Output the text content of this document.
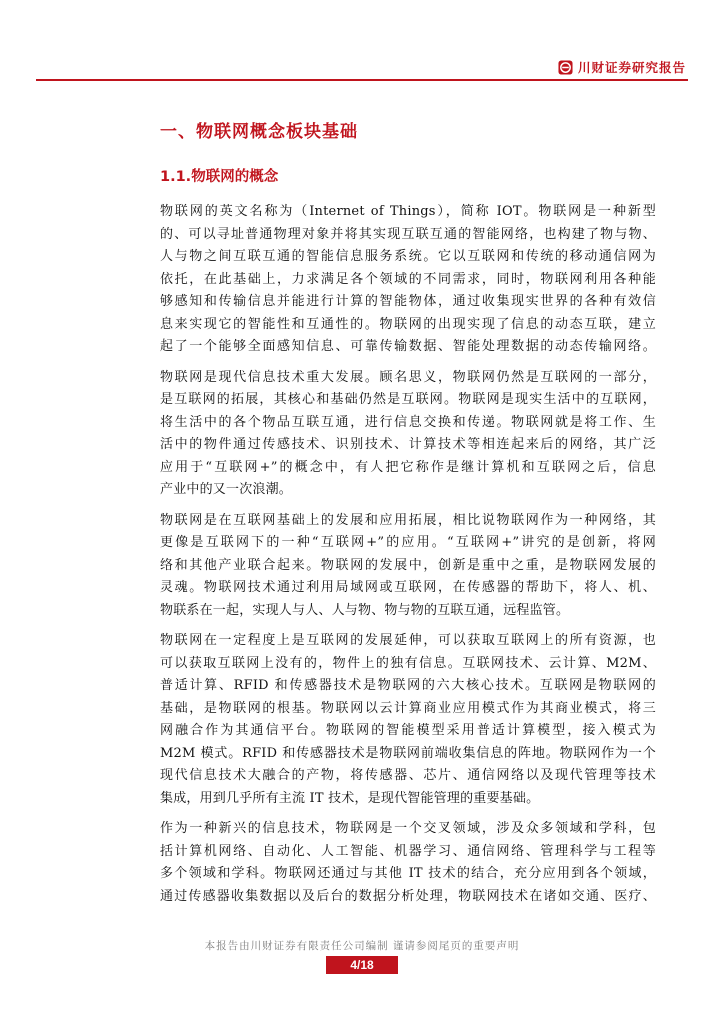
川财证券研究报告
一、物联网概念板块基础
1.1.物联网的概念
物联网的英文名称为（Internet of Things），简称 IOT。物联网是一种新型
的、可以寻址普通物理对象并将其实现互联互通的智能网络，也构建了物与物、
人与物之间互联互通的智能信息服务系统。它以互联网和传统的移动通信网为
依托，在此基础上，力求满足各个领域的不同需求，同时，物联网利用各种能
够感知和传输信息并能进行计算的智能物体，通过收集现实世界的各种有效信
息来实现它的智能性和互通性的。物联网的出现实现了信息的动态互联，建立
起了一个能够全面感知信息、可靠传输数据、智能处理数据的动态传输网络。
物联网是现代信息技术重大发展。顾名思义，物联网仍然是互联网的一部分，
是互联网的拓展，其核心和基础仍然是互联网。物联网是现实生活中的互联网，
将生活中的各个物品互联互通，进行信息交换和传递。物联网就是将工作、生
活中的物件通过传感技术、识别技术、计算技术等相连起来后的网络，其广泛
应用于“互联网+”的概念中，有人把它称作是继计算机和互联网之后，信息
产业中的又一次浪潮。
物联网是在互联网基础上的发展和应用拓展，相比说物联网作为一种网络，其
更像是互联网下的一种“互联网+”的应用。“互联网+”讲究的是创新，将网
络和其他产业联合起来。物联网的发展中，创新是重中之重，是物联网发展的
灵魂。物联网技术通过利用局域网或互联网，在传感器的帮助下，将人、机、
物联系在一起，实现人与人、人与物、物与物的互联互通，远程监管。
物联网在一定程度上是互联网的发展延伸，可以获取互联网上的所有资源，也
可以获取互联网上没有的，物件上的独有信息。互联网技术、云计算、M2M、
普适计算、RFID 和传感器技术是物联网的六大核心技术。互联网是物联网的
基础，是物联网的根基。物联网以云计算商业应用模式作为其商业模式，将三
网融合作为其通信平台。物联网的智能模型采用普适计算模型，接入模式为
M2M 模式。RFID 和传感器技术是物联网前端收集信息的阵地。物联网作为一个
现代信息技术大融合的产物，将传感器、芯片、通信网络以及现代管理等技术
集成，用到几乎所有主流 IT 技术，是现代智能管理的重要基础。
作为一种新兴的信息技术，物联网是一个交叉领域，涉及众多领域和学科，包
括计算机网络、自动化、人工智能、机器学习、通信网络、管理科学与工程等
多个领域和学科。物联网还通过与其他 IT 技术的结合，充分应用到各个领域，
通过传感器收集数据以及后台的数据分析处理，物联网技术在诸如交通、医疗、
本报告由川财证券有限责任公司编制 谨请参阅尾页的重要声明
4/18
